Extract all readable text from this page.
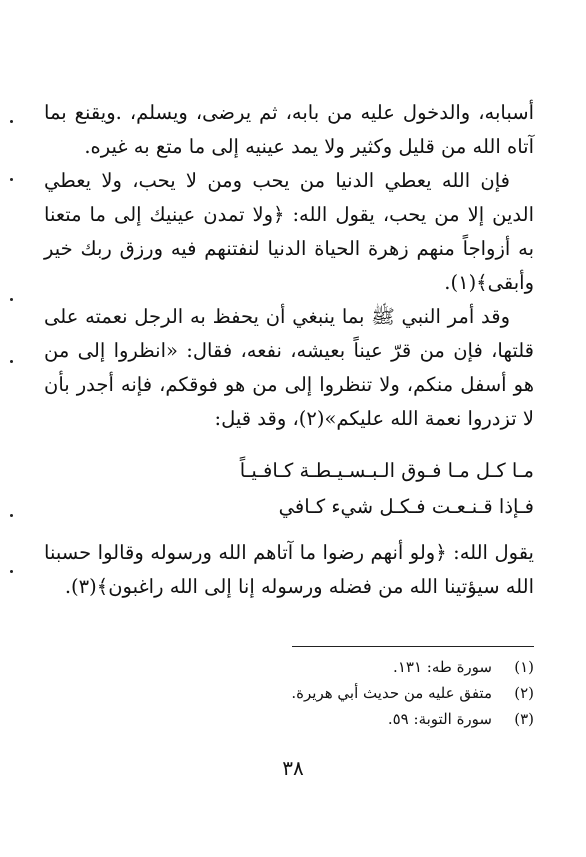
أسبابه، والدخول عليه من بابه، ثم يرضى، ويسلم، .ويقنع بما آتاه الله من قليل وكثير ولا يمد عينيه إلى ما متع به غيره.

فإن الله يعطي الدنيا من يحب ومن لا يحب، ولا يعطي الدين إلا من يحب، يقول الله: ﴿ولا تمدن عينيك إلى ما متعنا به أزواجاً منهم زهرة الحياة الدنيا لنفتنهم فيه ورزق ربك خير وأبقى﴾(١).

وقد أمر النبي ﷺ بما ينبغي أن يحفظ به الرجل نعمته على قلتها، فإن من قرّ عيناً بعيشه، نفعه، فقال: «انظروا إلى من هو أسفل منكم، ولا تنظروا إلى من هو فوقكم، فإنه أجدر بأن لا تزدروا نعمة الله عليكم»(٢)، وقد قيل:

مـا كـل مـا فـوق الـبـسـيـطـة كـافـيـاً
فـإذا قـنـعـت فـكـل شيء كـافي
يقول الله: ﴿ولو أنهم رضوا ما آتاهم الله ورسوله وقالوا حسبنا الله سيؤتينا الله من فضله ورسوله إنا إلى الله راغبون﴾(٣).
(١)
سورة طه: ١٣١.
(٢)
متفق عليه من حديث أبي هريرة.
(٣)
سورة التوبة: ٥٩.
٣٨
